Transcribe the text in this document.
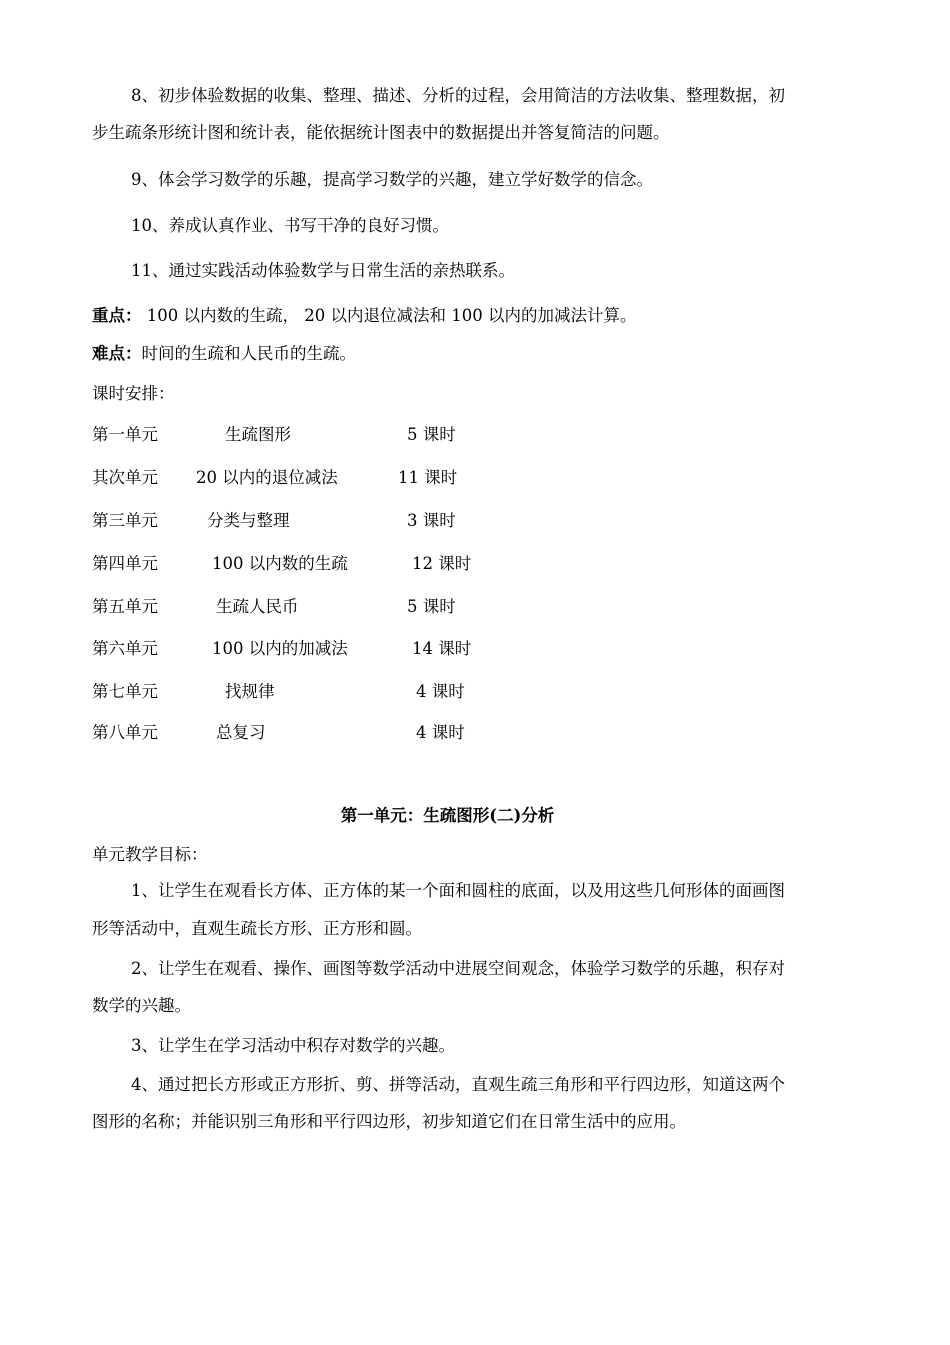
8、初步体验数据的收集、整理、描述、分析的过程，会用简洁的方法收集、整理数据，初
步生疏条形统计图和统计表，能依据统计图表中的数据提出并答复简洁的问题。
9、体会学习数学的乐趣，提高学习数学的兴趣，建立学好数学的信念。
10、养成认真作业、书写干净的良好习惯。
11、通过实践活动体验数学与日常生活的亲热联系。
重点： 100 以内数的生疏， 20 以内退位减法和 100 以内的加减法计算。
难点：时间的生疏和人民币的生疏。
课时安排：
第一单元	生疏图形	5 课时
其次单元 20 以内的退位减法	11 课时
第三单元	分类与整理	3 课时
第四单元	100 以内数的生疏	12 课时
第五单元	生疏人民币	5 课时
第六单元	100 以内的加减法	14 课时
第七单元	找规律	4 课时
第八单元	总复习	4 课时
第一单元：生疏图形(二)分析
单元教学目标：
1、让学生在观看长方体、正方体的某一个面和圆柱的底面，以及用这些几何形体的面画图
形等活动中，直观生疏长方形、正方形和圆。
2、让学生在观看、操作、画图等数学活动中进展空间观念，体验学习数学的乐趣，积存对
数学的兴趣。
3、让学生在学习活动中积存对数学的兴趣。
4、通过把长方形或正方形折、剪、拼等活动，直观生疏三角形和平行四边形，知道这两个
图形的名称；并能识别三角形和平行四边形，初步知道它们在日常生活中的应用。
